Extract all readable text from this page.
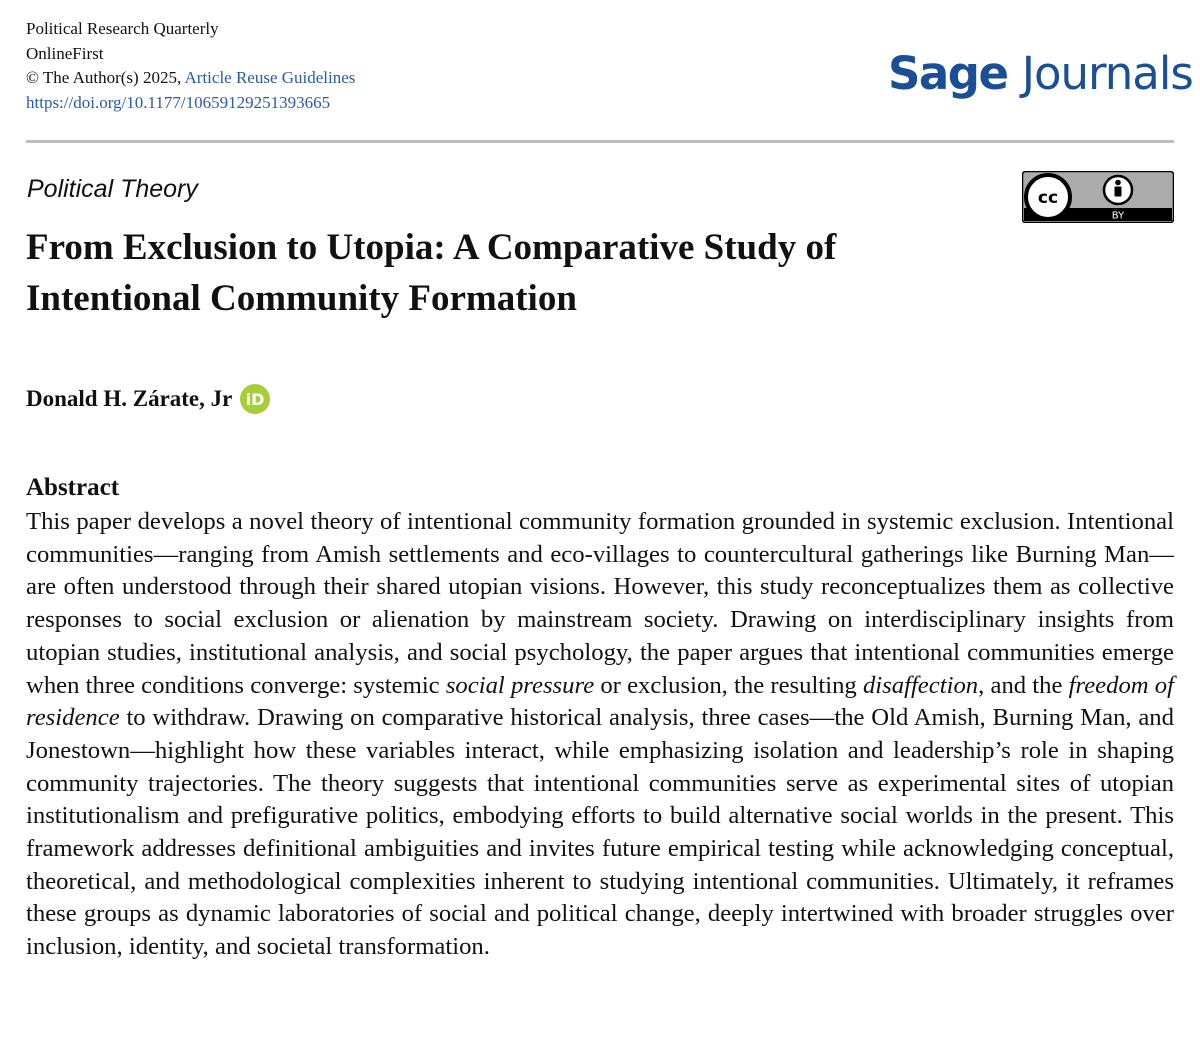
Political Research Quarterly
OnlineFirst
© The Author(s) 2025, Article Reuse Guidelines
https://doi.org/10.1177/10659129251393665
Sage Journals
Political Theory	cc
BY
From Exclusion to Utopia: A Comparative Study of Intentional Community Formation
Donald H. Zárate, Jr iD
Abstract
This paper develops a novel theory of intentional community formation grounded in systemic exclusion. Intentional communities—ranging from Amish settlements and eco-villages to countercultural gatherings like Burning Man—are often understood through their shared utopian visions. However, this study reconceptualizes them as collective responses to social exclusion or alienation by mainstream society. Drawing on interdisciplinary insights from utopian studies, institutional analysis, and social psychology, the paper argues that intentional communities emerge when three conditions converge: systemic social pressure or exclusion, the resulting disaffection, and the freedom of residence to withdraw. Drawing on comparative historical analysis, three cases—the Old Amish, Burning Man, and Jonestown—highlight how these variables interact, while emphasizing isolation and leadership’s role in shaping community trajectories. The theory suggests that intentional communities serve as experimental sites of utopian institutionalism and prefigurative politics, embodying efforts to build alternative social worlds in the present. This framework addresses definitional ambiguities and invites future empirical testing while acknowledging conceptual, theoretical, and methodological complexities inherent to studying intentional communities. Ultimately, it reframes these groups as dynamic laboratories of social and political change, deeply intertwined with broader struggles over inclusion, identity, and societal transformation.
